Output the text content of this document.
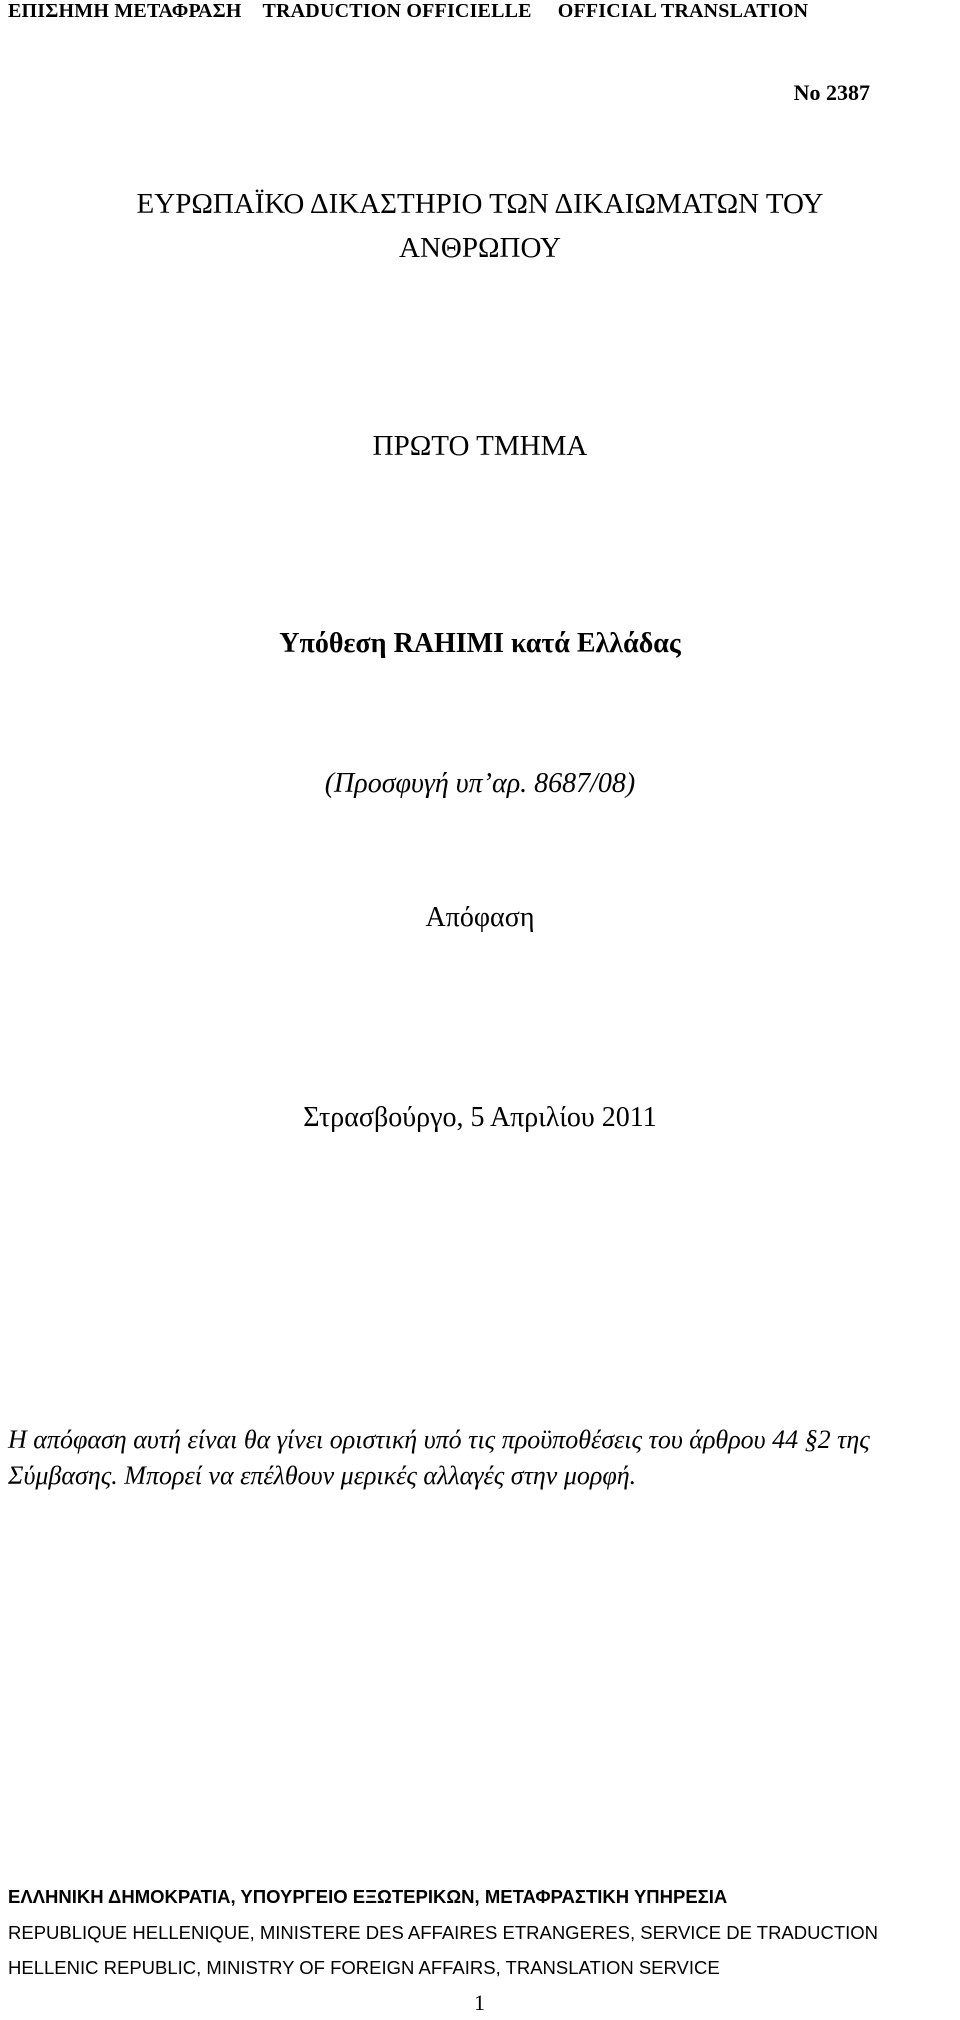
ΕΠΙΣΗΜΗ ΜΕΤΑΦΡΑΣΗ    TRADUCTION OFFICIELLE     OFFICIAL TRANSLATION
No 2387
ΕΥΡΩΠΑΪΚΟ ΔΙΚΑΣΤΗΡΙΟ ΤΩΝ ΔΙΚΑΙΩΜΑΤΩΝ ΤΟΥ ΑΝΘΡΩΠΟΥ
ΠΡΩΤΟ ΤΜΗΜΑ
Υπόθεση RAHIMI κατά Ελλάδας
(Προσφυγή υπ’αρ. 8687/08)
Απόφαση
Στρασβούργο, 5 Απριλίου 2011
Η απόφαση αυτή είναι θα γίνει οριστική υπό τις προϋποθέσεις του άρθρου 44 §2 της Σύμβασης. Μπορεί να επέλθουν μερικές αλλαγές στην μορφή.
ΕΛΛΗΝΙΚΗ ΔΗΜΟΚΡΑΤΙΑ, ΥΠΟΥΡΓΕΙΟ ΕΞΩΤΕΡΙΚΩΝ, ΜΕΤΑΦΡΑΣΤΙΚΗ ΥΠΗΡΕΣΙΑ
REPUBLIQUE HELLENIQUE, MINISTERE DES AFFAIRES ETRANGERES, SERVICE DE TRADUCTION
HELLENIC REPUBLIC, MINISTRY OF FOREIGN AFFAIRS, TRANSLATION SERVICE
1
